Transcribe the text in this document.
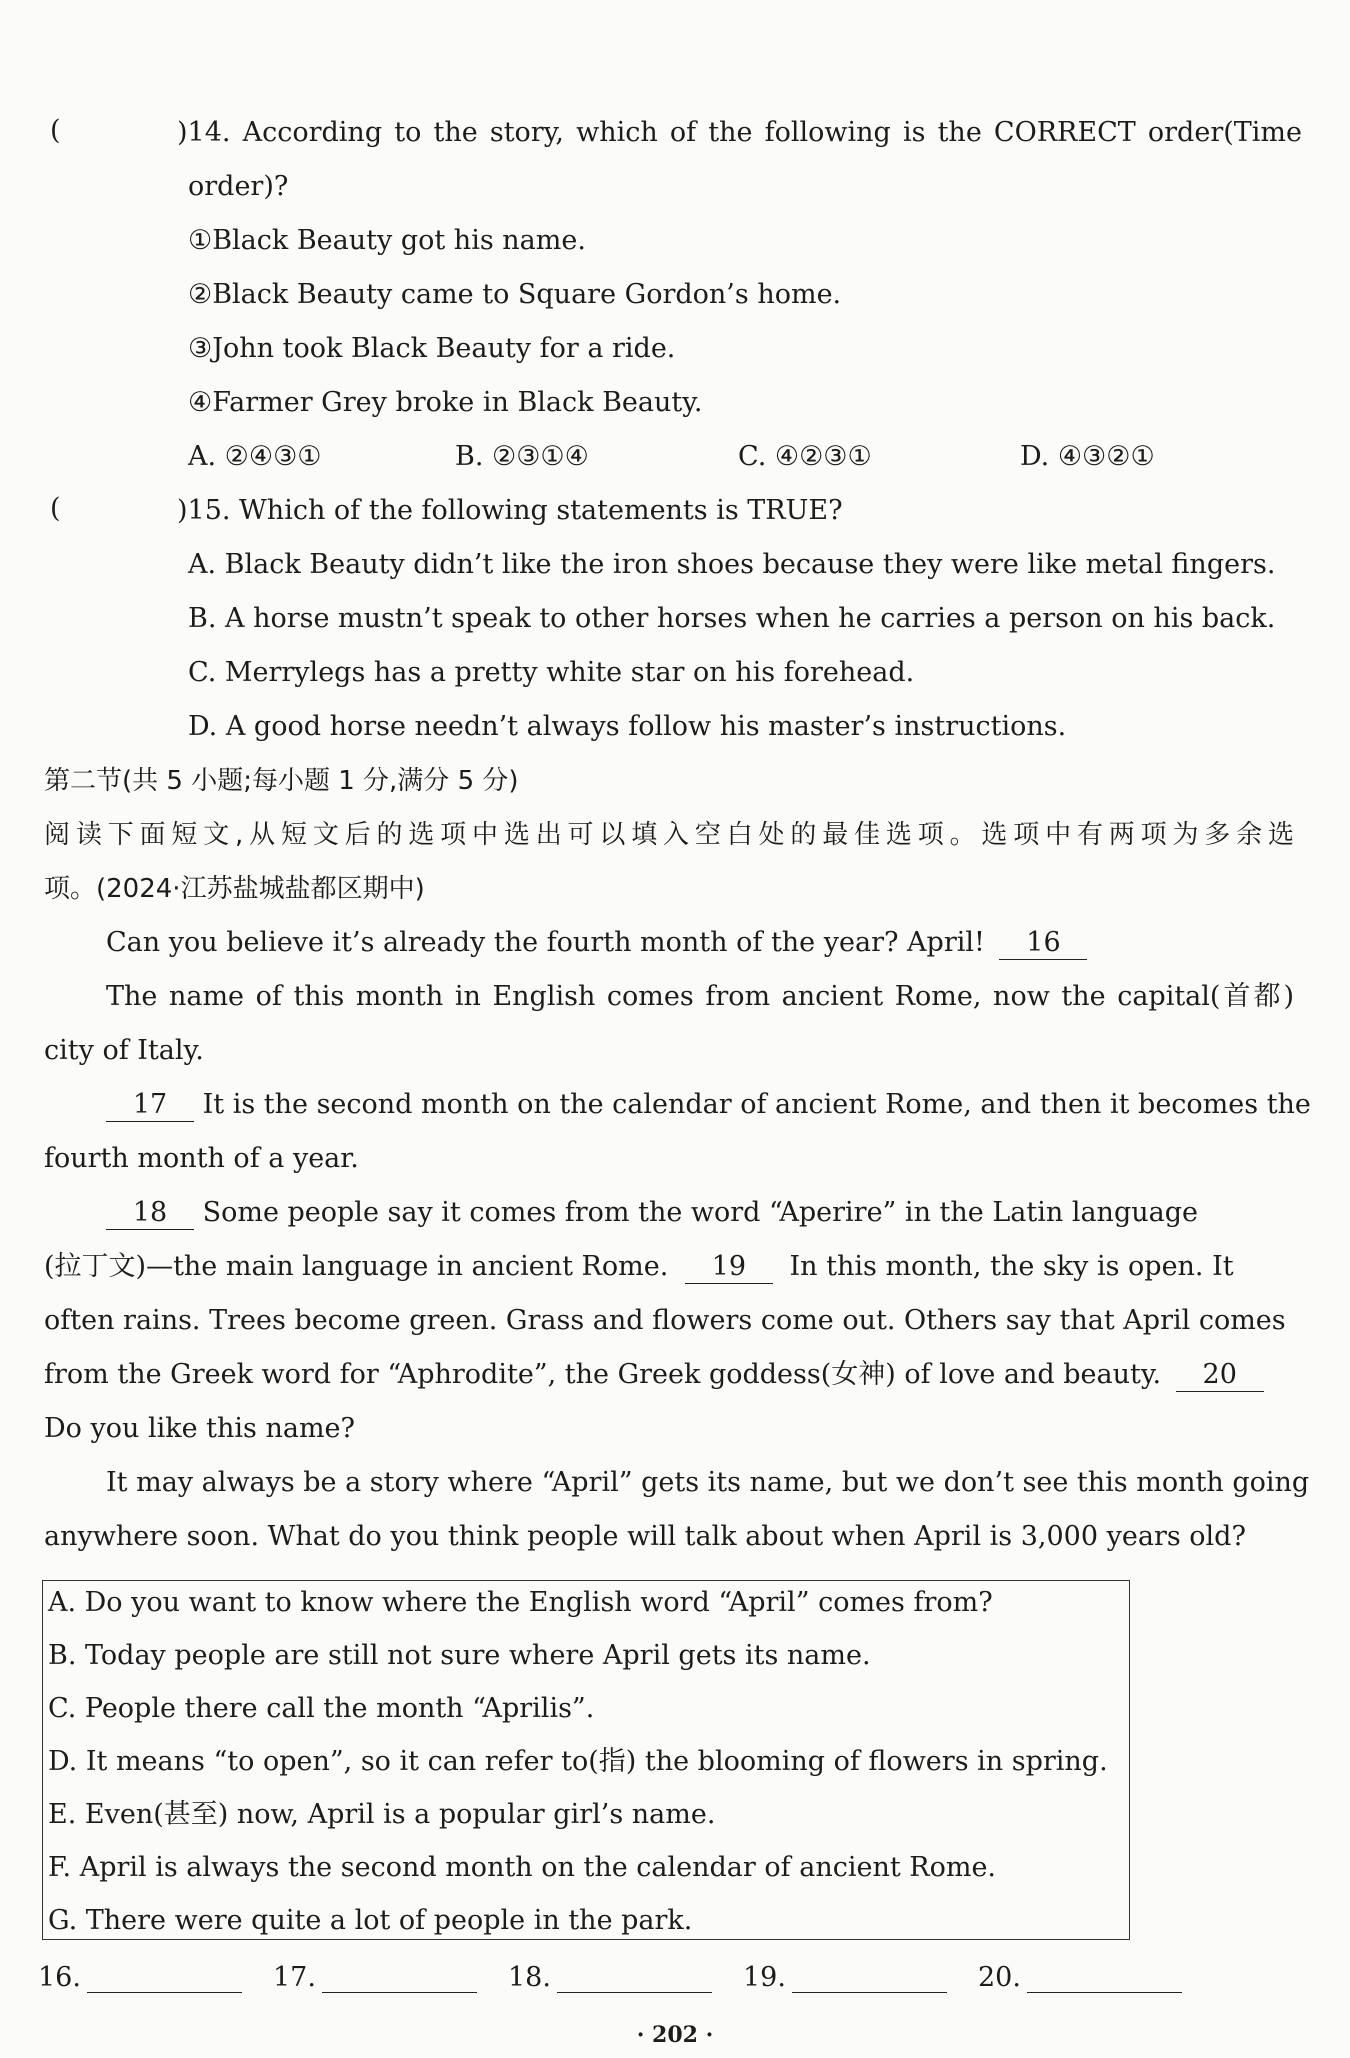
(	)14. According to the story, which of the following is the CORRECT order(Time
order)?
①Black Beauty got his name.
②Black Beauty came to Square Gordon’s home.
③John took Black Beauty for a ride.
④Farmer Grey broke in Black Beauty.
A. ②④③①	B. ②③①④	C. ④②③①	D. ④③②①
(	)15. Which of the following statements is TRUE?
A. Black Beauty didn’t like the iron shoes because they were like metal fingers.
B. A horse mustn’t speak to other horses when he carries a person on his back.
C. Merrylegs has a pretty white star on his forehead.
D. A good horse needn’t always follow his master’s instructions.
第二节(共 5 小题;每小题 1 分,满分 5 分)
阅读下面短文,从短文后的选项中选出可以填入空白处的最佳选项。选项中有两项为多余选
项。(2024·江苏盐城盐都区期中)
Can you believe it’s already the fourth month of the year? April! 16
The name of this month in English comes from ancient Rome, now the capital(首都)
city of Italy.
17 It is the second month on the calendar of ancient Rome, and then it becomes the
fourth month of a year.
18 Some people say it comes from the word “Aperire” in the Latin language
(拉丁文)—the main language in ancient Rome. 19 In this month, the sky is open. It
often rains. Trees become green. Grass and flowers come out. Others say that April comes
from the Greek word for “Aphrodite”, the Greek goddess(女神) of love and beauty. 20
Do you like this name?
It may always be a story where “April” gets its name, but we don’t see this month going
anywhere soon. What do you think people will talk about when April is 3,000 years old?
A. Do you want to know where the English word “April” comes from?
B. Today people are still not sure where April gets its name.
C. People there call the month “Aprilis”.
D. It means “to open”, so it can refer to(指) the blooming of flowers in spring.
E. Even(甚至) now, April is a popular girl’s name.
F. April is always the second month on the calendar of ancient Rome.
G. There were quite a lot of people in the park.
16.	17.	18.	19.	20.
· 202 ·
